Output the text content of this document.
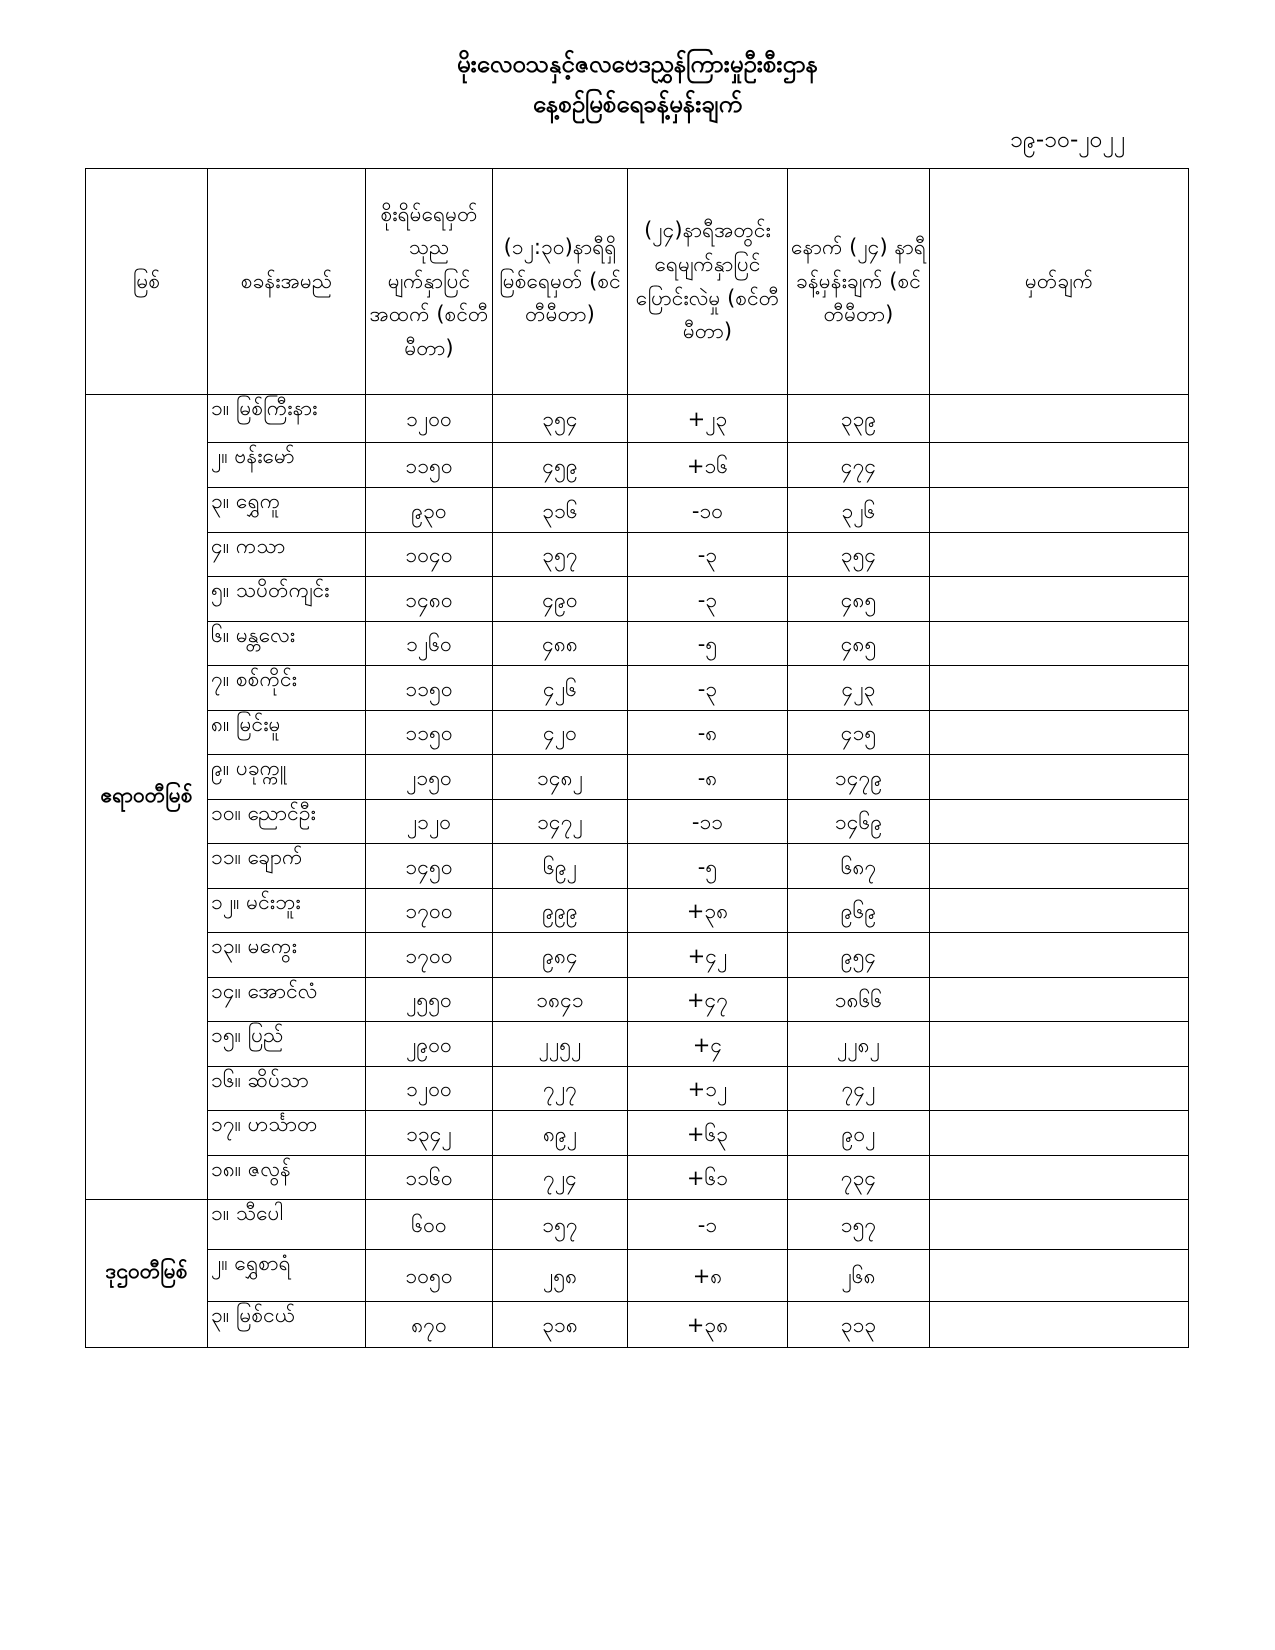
မိုးလေဝသနှင့်ဇလဗေဒညွှန်ကြားမှုဦးစီးဌာန
နေ့စဉ်မြစ်ရေခန့်မှန်းချက်
၁၉-၁၀-၂၀၂၂
မြစ်	စခန်းအမည်	စိုးရိမ်ရေမှတ် သုည မျက်နှာပြင် အထက် (စင်တီမီတာ)	(၁၂:၃၀)နာရီရှိ မြစ်ရေမှတ် (စင်တီမီတာ)	(၂၄)နာရီအတွင်း ရေမျက်နှာပြင် ပြောင်းလဲမှု (စင်တီမီတာ)	နောက် (၂၄) နာရီ ခန့်မှန်းချက် (စင်တီမီတာ)	မှတ်ချက်
ဧရာဝတီမြစ်	၁။ မြစ်ကြီးနား	၁၂၀၀	၃၅၄	+၂၃	၃၃၉	
	၂။ ဗန်းမော်	၁၁၅၀	၄၅၉	+၁၆	၄၇၄	
	၃။ ရွှေကူ	၉၃၀	၃၁၆	-၁၀	၃၂၆	
	၄။ ကသာ	၁၀၄၀	၃၅၇	-၃	၃၅၄	
	၅။ သပိတ်ကျင်း	၁၄၈၀	၄၉၀	-၃	၄၈၅	
	၆။ မန္တလေး	၁၂၆၀	၄၈၈	-၅	၄၈၅	
	၇။ စစ်ကိုင်း	၁၁၅၀	၄၂၆	-၃	၄၂၃	
	၈။ မြင်းမူ	၁၁၅၀	၄၂၀	-၈	၄၁၅	
	၉။ ပခုက္ကူ	၂၁၅၀	၁၄၈၂	-၈	၁၄၇၉	
	၁၀။ ညောင်ဦး	၂၁၂၀	၁၄၇၂	-၁၁	၁၄၆၉	
	၁၁။ ချောက်	၁၄၅၀	၆၉၂	-၅	၆၈၇	
	၁၂။ မင်းဘူး	၁၇၀၀	၉၉၉	+၃၈	၉၆၉	
	၁၃။ မကွေး	၁၇၀၀	၉၈၄	+၄၂	၉၅၄	
	၁၄။ အောင်လံ	၂၅၅၀	၁၈၄၁	+၄၇	၁၈၆၆	
	၁၅။ ပြည်	၂၉၀၀	၂၂၅၂	+၄	၂၂၈၂	
	၁၆။ ဆိပ်သာ	၁၂၀၀	၇၂၇	+၁၂	၇၄၂	
	၁၇။ ဟင်္သာတ	၁၃၄၂	၈၉၂	+၆၃	၉၀၂	
	၁၈။ ဇလွန်	၁၁၆၀	၇၂၄	+၆၁	၇၃၄	
ဒုဌဝတီမြစ်	၁။ သီပေါ	၆၀၀	၁၅၇	-၁	၁၅၇	
	၂။ ရွှေစာရံ	၁၀၅၀	၂၅၈	+၈	၂၆၈	
	၃။ မြစ်ငယ်	၈၇၀	၃၁၈	+၃၈	၃၁၃	
